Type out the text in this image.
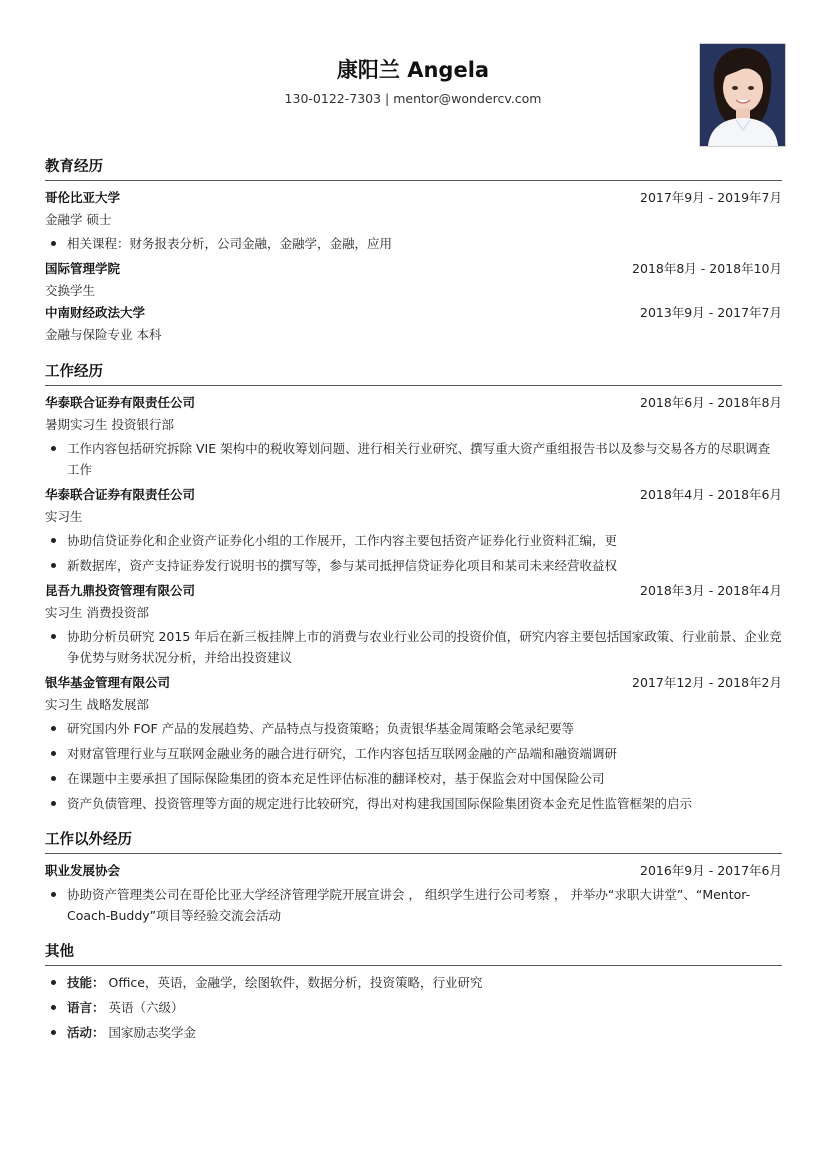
康阳兰 Angela
130-0122-7303 | mentor@wondercv.com
教育经历
哥伦比亚大学	2017年9月 - 2019年7月
金融学 硕士
相关课程：财务报表分析，公司金融，金融学，金融，应用
国际管理学院	2018年8月 - 2018年10月
交换学生
中南财经政法大学	2013年9月 - 2017年7月
金融与保险专业 本科
工作经历
华泰联合证券有限责任公司	2018年6月 - 2018年8月
暑期实习生 投资银行部
工作内容包括研究拆除 VIE 架构中的税收筹划问题、进行相关行业研究、撰写重大资产重组报告书以及参与交易各方的尽职调查工作
华泰联合证券有限责任公司	2018年4月 - 2018年6月
实习生
协助信贷证券化和企业资产证券化小组的工作展开，工作内容主要包括资产证券化行业资料汇编，更
新数据库，资产支持证券发行说明书的撰写等，参与某司抵押信贷证券化项目和某司未来经营收益权
昆吾九鼎投资管理有限公司	2018年3月 - 2018年4月
实习生 消费投资部
协助分析员研究 2015 年后在新三板挂牌上市的消费与农业行业公司的投资价值，研究内容主要包括国家政策、行业前景、企业竞争优势与财务状况分析，并给出投资建议
银华基金管理有限公司	2017年12月 - 2018年2月
实习生 战略发展部
研究国内外 FOF 产品的发展趋势、产品特点与投资策略；负责银华基金周策略会笔录纪要等
对财富管理行业与互联网金融业务的融合进行研究，工作内容包括互联网金融的产品端和融资端调研
在课题中主要承担了国际保险集团的资本充足性评估标准的翻译校对，基于保监会对中国保险公司
资产负债管理、投资管理等方面的规定进行比较研究，得出对构建我国国际保险集团资本金充足性监管框架的启示
工作以外经历
职业发展协会	2016年9月 - 2017年6月
协助资产管理类公司在哥伦比亚大学经济管理学院开展宣讲会 ， 组织学生进行公司考察 ， 并举办“求职大讲堂”、“Mentor-Coach-Buddy”项目等经验交流会活动
其他
技能： Office，英语，金融学，绘图软件，数据分析，投资策略，行业研究
语言： 英语（六级）
活动： 国家励志奖学金
